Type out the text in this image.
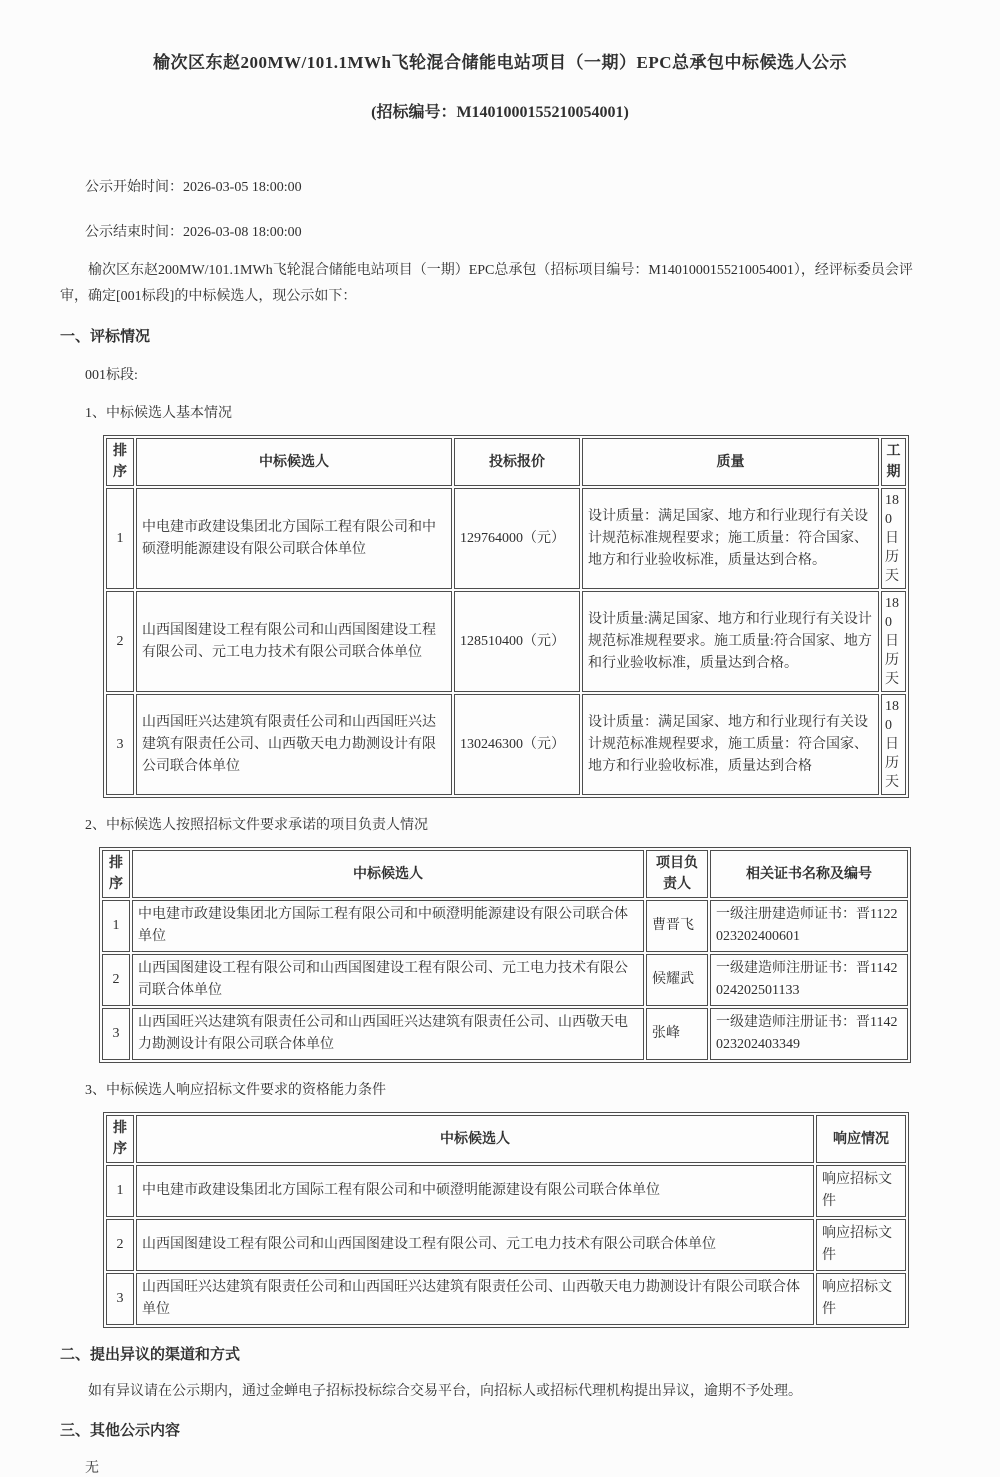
榆次区东赵200MW/101.1MWh飞轮混合储能电站项目（一期）EPC总承包中标候选人公示
(招标编号：M1401000155210054001)

公示开始时间：2026-03-05 18:00:00

公示结束时间：2026-03-08 18:00:00

榆次区东赵200MW/101.1MWh飞轮混合储能电站项目（一期）EPC总承包（招标项目编号：M1401000155210054001），经评标委员会评审，确定[001标段]的中标候选人，现公示如下：

一、评标情况

001标段:

1、中标候选人基本情况

排序	中标候选人	投标报价	质量	工期
1	中电建市政建设集团北方国际工程有限公司和中硕澄明能源建设有限公司联合体单位	129764000（元）	设计质量：满足国家、地方和行业现行有关设计规范标准规程要求；施工质量：符合国家、地方和行业验收标准，质量达到合格。	180日历天
2	山西国图建设工程有限公司和山西国图建设工程有限公司、元工电力技术有限公司联合体单位	128510400（元）	设计质量:满足国家、地方和行业现行有关设计规范标准规程要求。施工质量:符合国家、地方和行业验收标准，质量达到合格。	180日历天
3	山西国旺兴达建筑有限责任公司和山西国旺兴达建筑有限责任公司、山西敬天电力勘测设计有限公司联合体单位	130246300（元）	设计质量：满足国家、地方和行业现行有关设计规范标准规程要求，施工质量：符合国家、地方和行业验收标准，质量达到合格	180日历天

2、中标候选人按照招标文件要求承诺的项目负责人情况

排序	中标候选人	项目负责人	相关证书名称及编号
1	中电建市政建设集团北方国际工程有限公司和中硕澄明能源建设有限公司联合体单位	曹晋飞	一级注册建造师证书：晋1122023202400601
2	山西国图建设工程有限公司和山西国图建设工程有限公司、元工电力技术有限公司联合体单位	候耀武	一级建造师注册证书：晋1142024202501133
3	山西国旺兴达建筑有限责任公司和山西国旺兴达建筑有限责任公司、山西敬天电力勘测设计有限公司联合体单位	张峰	一级建造师注册证书：晋1142023202403349

3、中标候选人响应招标文件要求的资格能力条件

排序	中标候选人	响应情况
1	中电建市政建设集团北方国际工程有限公司和中硕澄明能源建设有限公司联合体单位	响应招标文件
2	山西国图建设工程有限公司和山西国图建设工程有限公司、元工电力技术有限公司联合体单位	响应招标文件
3	山西国旺兴达建筑有限责任公司和山西国旺兴达建筑有限责任公司、山西敬天电力勘测设计有限公司联合体单位	响应招标文件
二、提出异议的渠道和方式

如有异议请在公示期内，通过金蝉电子招标投标综合交易平台，向招标人或招标代理机构提出异议，逾期不予处理。

三、其他公示内容

无
